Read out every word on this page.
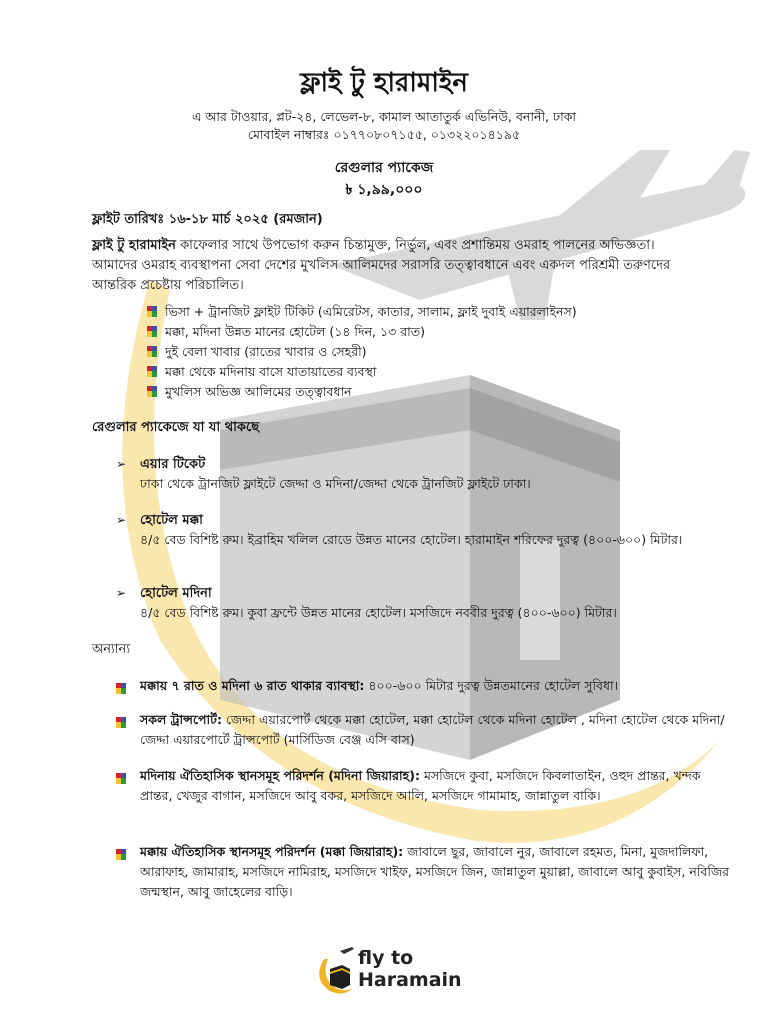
ফ্লাই টু হারামাইন
এ আর টাওয়ার, প্লট-২৪, লেভেল-৮, কামাল আতাতুর্ক এভিনিউ, বনানী, ঢাকা
মোবাইল নাম্বারঃ ০১৭৭০৮০৭১৫৫, ০১৩২২০১৪১৯৫
রেগুলার প্যাকেজ
৳ ১,৯৯,০০০
ফ্লাইট তারিখঃ ১৬-১৮ মার্চ ২০২৫ (রমজান)
ফ্লাই টু হারামাইন কাফেলার সাথে উপভোগ করুন চিন্তামুক্ত, নির্ভুল, এবং প্রশান্তিময় ওমরাহ পালনের অভিজ্ঞতা। আমাদের ওমরাহ ব্যবস্থাপনা সেবা দেশের মুখলিস আলিমদের সরাসরি তত্ত্বাবধানে এবং একদল পরিশ্রমী তরুণদের আন্তরিক প্রচেষ্টায় পরিচালিত।
ভিসা + ট্রানজিট ফ্লাইট টিকিট (এমিরেটস, কাতার, সালাম, ফ্লাই দুবাই এয়ারলাইনস)
মক্কা, মদিনা উন্নত মানের হোটেল (১৪ দিন, ১৩ রাত)
দুই বেলা খাবার (রাতের খাবার ও সেহরী)
মক্কা থেকে মদিনায় বাসে যাতায়াতের ব্যবস্থা
মুখলিস অভিজ্ঞ আলিমের তত্ত্বাবধান
রেগুলার প্যাকেজে যা যা থাকছে
➢ এয়ার টিকেট
ঢাকা থেকে ট্রানজিট ফ্লাইটে জেদ্দা ও মদিনা/জেদ্দা থেকে ট্রানজিট ফ্লাইটে ঢাকা।
➢ হোটেল মক্কা
৪/৫ বেড বিশিষ্ট রুম। ইব্রাহিম খলিল রোডে উন্নত মানের হোটেল। হারামাইন শরিফের দুরত্ব (৪০০-৬০০) মিটার।
➢ হোটেল মদিনা
৪/৫ বেড বিশিষ্ট রুম। কুবা ফ্রন্টে উন্নত মানের হোটেল। মসজিদে নববীর দুরত্ব (৪০০-৬০০) মিটার।
অন্যান্য
মক্কায় ৭ রাত ও মদিনা ৬ রাত থাকার ব্যাবস্থা: ৪০০-৬০০ মিটার দুরত্ব উন্নতমানের হোটেল সুবিধা।
সকল ট্রান্সপোর্ট: জেদ্দা এয়ারপোর্ট থেকে মক্কা হোটেল, মক্কা হোটেল থেকে মদিনা হোটেল , মদিনা হোটেল থেকে মদিনা/জেদ্দা এয়ারপোর্টে ট্রান্সপোর্ট (মার্সিডিজ বেঞ্জ এসি বাস)
মদিনায় ঐতিহাসিক স্থানসমূহ পরিদর্শন (মদিনা জিয়ারাহ): মসজিদে কুবা, মসজিদে কিবলাতাইন, ওহুদ প্রান্তর, খন্দক প্রান্তর, খেজুর বাগান, মসজিদে আবু বকর, মসজিদে আলি, মসজিদে গামামাহ, জান্নাতুল বাকি।
মক্কায় ঐতিহাসিক স্থানসমূহ পরিদর্শন (মক্কা জিয়ারাহ): জাবালে ছুর, জাবালে নুর, জাবালে রহমত, মিনা, মুজদালিফা, আরাফাহ, জামারাহ, মসজিদে নামিরাহ, মসজিদে খাইফ, মসজিদে জিন, জান্নাতুল মুয়াল্লা, জাবালে আবু কুবাইস, নবিজির জন্মস্থান, আবু জাহেলের বাড়ি।
fly to
Haramain
